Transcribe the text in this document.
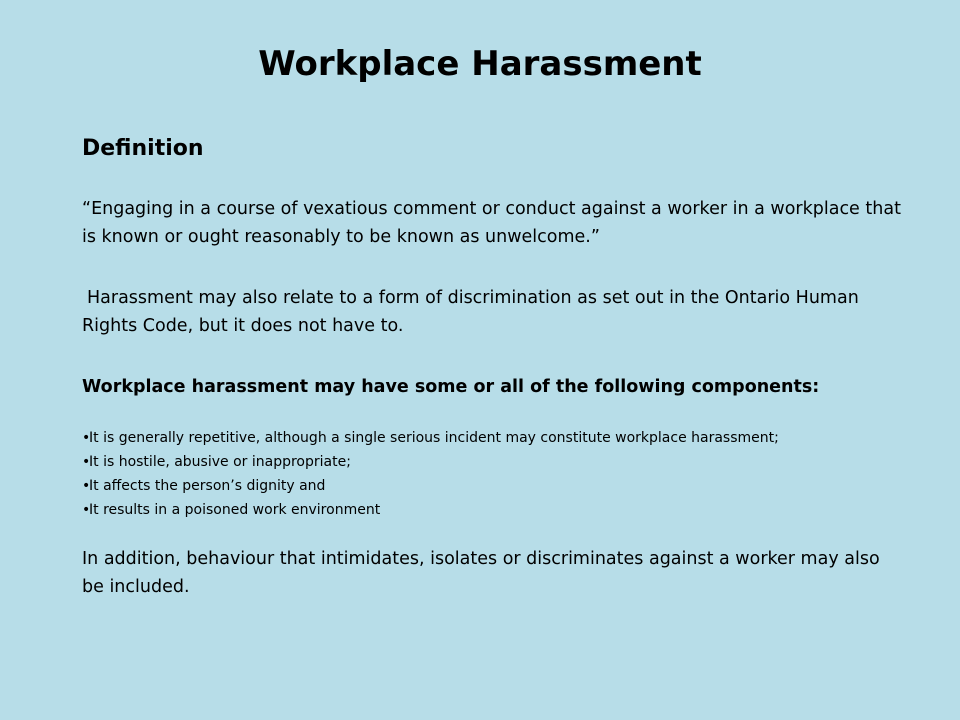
Workplace Harassment
Definition

“Engaging in a course of vexatious comment or conduct against a worker in a workplace that is known or ought reasonably to be known as unwelcome.”

Harassment may also relate to a form of discrimination as set out in the Ontario Human Rights Code, but it does not have to.

Workplace harassment may have some or all of the following components:

•It is generally repetitive, although a single serious incident may constitute workplace harassment;
•It is hostile, abusive or inappropriate;
•It affects the person’s dignity and
•It results in a poisoned work environment

In addition, behaviour that intimidates, isolates or discriminates against a worker may also be included.
